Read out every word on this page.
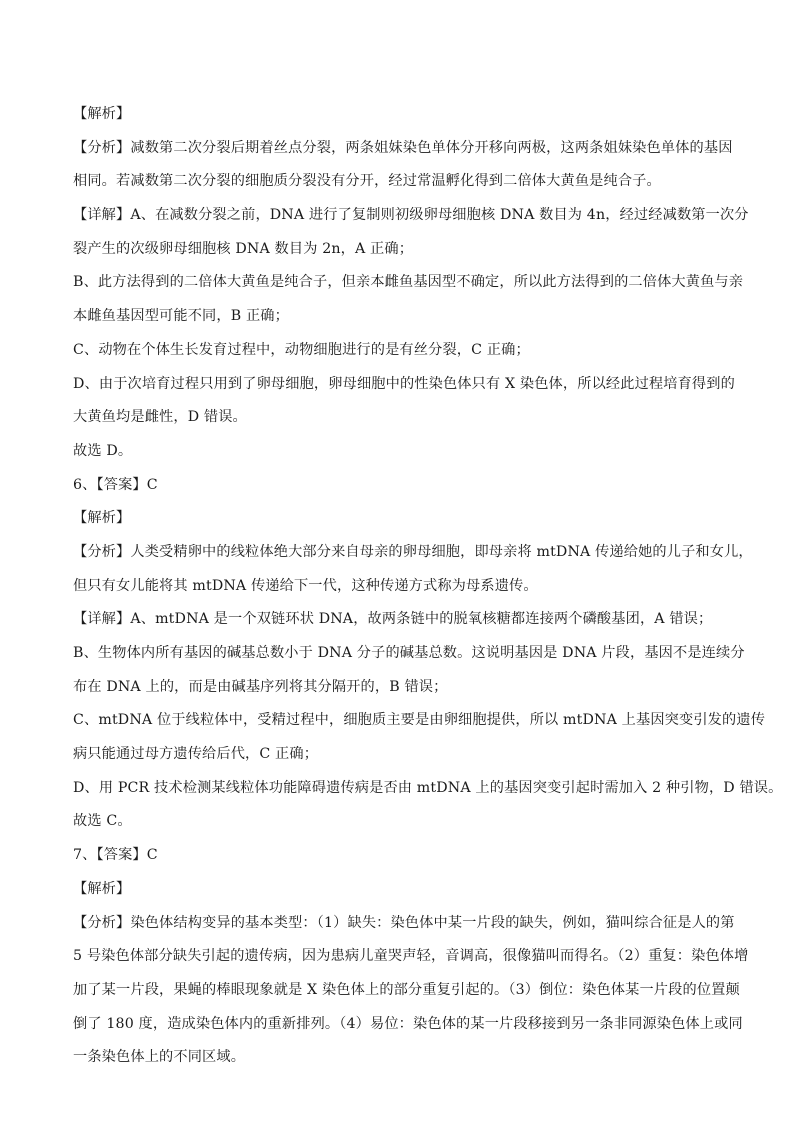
【解析】
【分析】减数第二次分裂后期着丝点分裂，两条姐妹染色单体分开移向两极，这两条姐妹染色单体的基因
相同。若减数第二次分裂的细胞质分裂没有分开，经过常温孵化得到二倍体大黄鱼是纯合子。
【详解】A、在减数分裂之前，DNA 进行了复制则初级卵母细胞核 DNA 数目为 4n，经过经减数第一次分
裂产生的次级卵母细胞核 DNA 数目为 2n，A 正确；
B、此方法得到的二倍体大黄鱼是纯合子，但亲本雌鱼基因型不确定，所以此方法得到的二倍体大黄鱼与亲
本雌鱼基因型可能不同，B 正确；
C、动物在个体生长发育过程中，动物细胞进行的是有丝分裂，C 正确；
D、由于次培育过程只用到了卵母细胞，卵母细胞中的性染色体只有 X 染色体，所以经此过程培育得到的
大黄鱼均是雌性，D 错误。
故选 D。
6、【答案】C
【解析】
【分析】人类受精卵中的线粒体绝大部分来自母亲的卵母细胞，即母亲将 mtDNA 传递给她的儿子和女儿，
但只有女儿能将其 mtDNA 传递给下一代，这种传递方式称为母系遗传。
【详解】A、mtDNA 是一个双链环状 DNA，故两条链中的脱氧核糖都连接两个磷酸基团，A 错误；
B、生物体内所有基因的碱基总数小于 DNA 分子的碱基总数。这说明基因是 DNA 片段，基因不是连续分
布在 DNA 上的，而是由碱基序列将其分隔开的，B 错误；
C、mtDNA 位于线粒体中，受精过程中，细胞质主要是由卵细胞提供，所以 mtDNA 上基因突变引发的遗传
病只能通过母方遗传给后代，C 正确；
D、用 PCR 技术检测某线粒体功能障碍遗传病是否由 mtDNA 上的基因突变引起时需加入 2 种引物，D 错误。
故选 C。
7、【答案】C
【解析】
【分析】染色体结构变异的基本类型：（1）缺失：染色体中某一片段的缺失，例如，猫叫综合征是人的第
5 号染色体部分缺失引起的遗传病，因为患病儿童哭声轻，音调高，很像猫叫而得名。（2）重复：染色体增
加了某一片段，果蝇的棒眼现象就是 X 染色体上的部分重复引起的。（3）倒位：染色体某一片段的位置颠
倒了 180 度，造成染色体内的重新排列。（4）易位：染色体的某一片段移接到另一条非同源染色体上或同
一条染色体上的不同区域。
